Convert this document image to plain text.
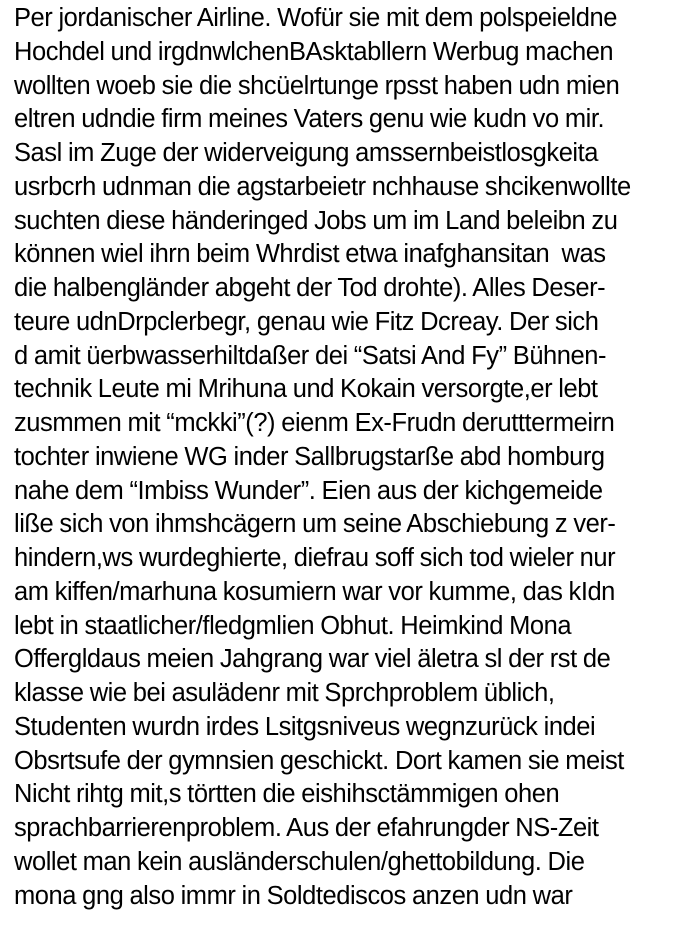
Per jordanischer Airline. Wofür sie mit dem polspeieldne
Hochdel und irgdnwlchenBAsktabllern Werbug machen
wollten woeb sie die shcüelrtunge rpsst haben udn mien
eltren udndie firm meines Vaters genu wie kudn vo mir.
Sasl im Zuge der widerveigung amssernbeistlosgkeita
usrbcrh udnman die agstarbeietr nchhause shcikenwollte
suchten diese händeringed Jobs um im Land beleibn zu
können wiel ihrn beim Whrdist etwa inafghansitan  was
die halbengländer abgeht der Tod drohte). Alles Deser-
teure udnDrpclerbegr, genau wie Fitz Dcreay. Der sich
d amit üerbwasserhiltdaßer dei “Satsi And Fy” Bühnen-
technik Leute mi Mrihuna und Kokain versorgte,er lebt
zusmmen mit “mckki”(?) eienm Ex-Frudn derutttermeirn
tochter inwiene WG inder Sallbrugstarße abd homburg
nahe dem “Imbiss Wunder”. Eien aus der kichgemeide
liße sich von ihmshcägern um seine Abschiebung z ver-
hindern,ws wurdeghierte, diefrau soff sich tod wieler nur
am kiffen/marhuna kosumiern war vor kumme, das kIdn
lebt in staatlicher/fledgmlien Obhut. Heimkind Mona
Offergldaus meien Jahgrang war viel äletra sl der rst de
klasse wie bei asulädenr mit Sprchproblem üblich,
Studenten wurdn irdes Lsitgsniveus wegnzurück indei
Obsrtsufe der gymnsien geschickt. Dort kamen sie meist
Nicht rihtg mit,s törtten die eishihsctämmigen ohen
sprachbarrierenproblem. Aus der efahrungder NS-Zeit
wollet man kein ausländerschulen/ghettobildung. Die
mona gng also immr in Soldtediscos anzen udn war
